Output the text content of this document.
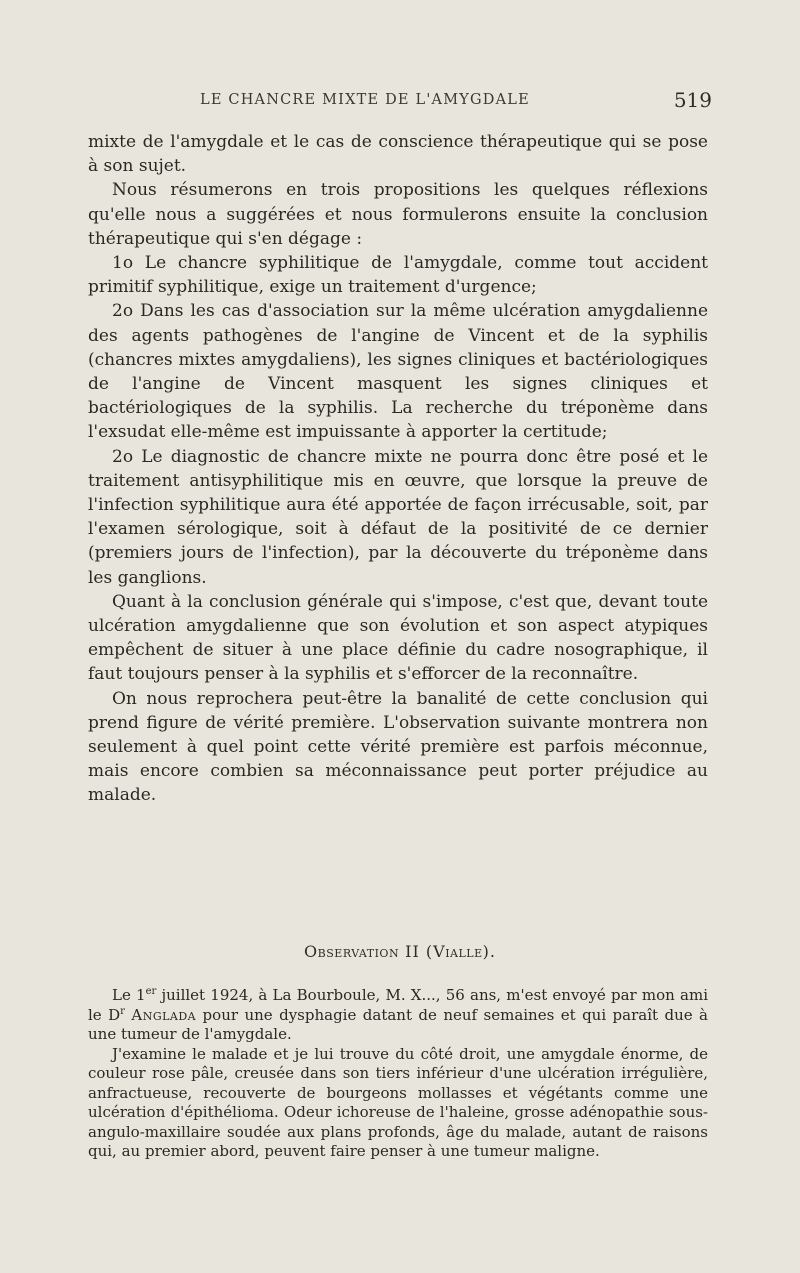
LE CHANCRE MIXTE DE L'AMYGDALE	519

mixte de l'amygdale et le cas de conscience thérapeutique qui se pose à son sujet.

Nous résumerons en trois propositions les quelques réflexions qu'elle nous a suggérées et nous formulerons ensuite la conclusion thérapeutique qui s'en dégage :

1o Le chancre syphilitique de l'amygdale, comme tout accident primitif syphilitique, exige un traitement d'urgence;

2o Dans les cas d'association sur la même ulcération amygdalienne des agents pathogènes de l'angine de Vincent et de la syphilis (chancres mixtes amygdaliens), les signes cliniques et bactériologiques de l'angine de Vincent masquent les signes cliniques et bactériologiques de la syphilis. La recherche du tréponème dans l'exsudat elle-même est impuissante à apporter la certitude;

2o Le diagnostic de chancre mixte ne pourra donc être posé et le traitement antisyphilitique mis en œuvre, que lorsque la preuve de l'infection syphilitique aura été apportée de façon irrécusable, soit, par l'examen sérologique, soit à défaut de la positivité de ce dernier (premiers jours de l'infection), par la découverte du tréponème dans les ganglions.

Quant à la conclusion générale qui s'impose, c'est que, devant toute ulcération amygdalienne que son évolution et son aspect atypiques empêchent de situer à une place définie du cadre nosographique, il faut toujours penser à la syphilis et s'efforcer de la reconnaître.

On nous reprochera peut-être la banalité de cette conclusion qui prend figure de vérité première. L'observation suivante montrera non seulement à quel point cette vérité première est parfois méconnue, mais encore combien sa méconnaissance peut porter préjudice au malade.

Observation II (Vialle).

Le 1er juillet 1924, à La Bourboule, M. X..., 56 ans, m'est envoyé par mon ami le $D^r$ Anglada pour une dysphagie datant de neuf semaines et qui paraît due à une tumeur de l'amygdale.

J'examine le malade et je lui trouve du côté droit, une amygdale énorme, de couleur rose pâle, creusée dans son tiers inférieur d'une ulcération irrégulière, anfractueuse, recouverte de bourgeons mollasses et végétants comme une ulcération d'épithélioma. Odeur ichoreuse de l'haleine, grosse adénopathie sous-angulo-maxillaire soudée aux plans profonds, âge du malade, autant de raisons qui, au premier abord, peuvent faire penser à une tumeur maligne.
